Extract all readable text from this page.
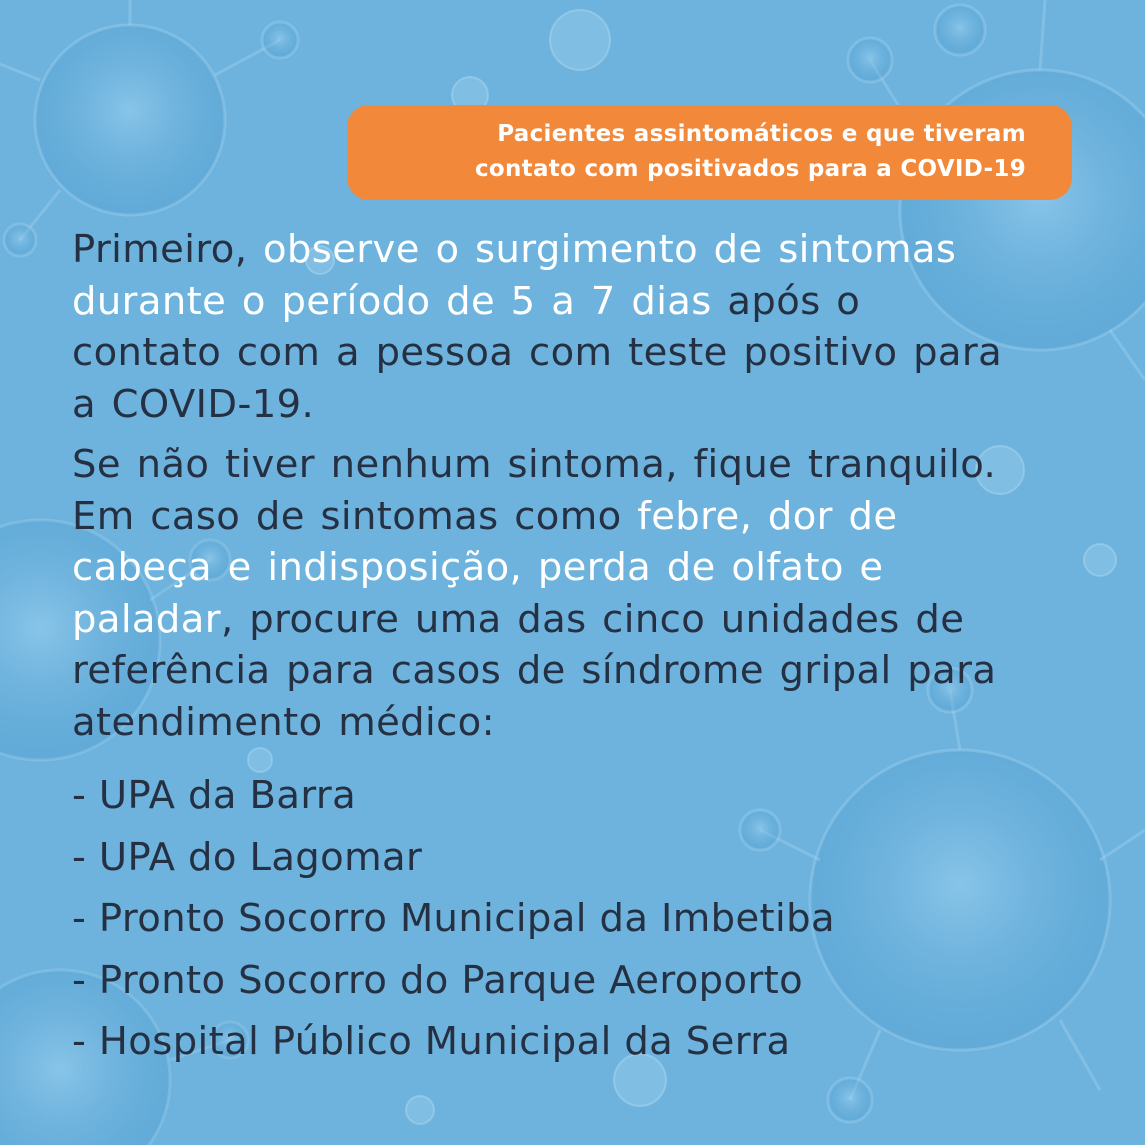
Pacientes assintomáticos e que tiveram
contato com positivados para a COVID-19

Primeiro, observe o surgimento de sintomas
durante o período de 5 a 7 dias após o
contato com a pessoa com teste positivo para
a COVID-19.

Se não tiver nenhum sintoma, fique tranquilo.
Em caso de sintomas como febre, dor de
cabeça e indisposição, perda de olfato e
paladar, procure uma das cinco unidades de
referência para casos de síndrome gripal para
atendimento médico:

- UPA da Barra
- UPA do Lagomar
- Pronto Socorro Municipal da Imbetiba
- Pronto Socorro do Parque Aeroporto
- Hospital Público Municipal da Serra
